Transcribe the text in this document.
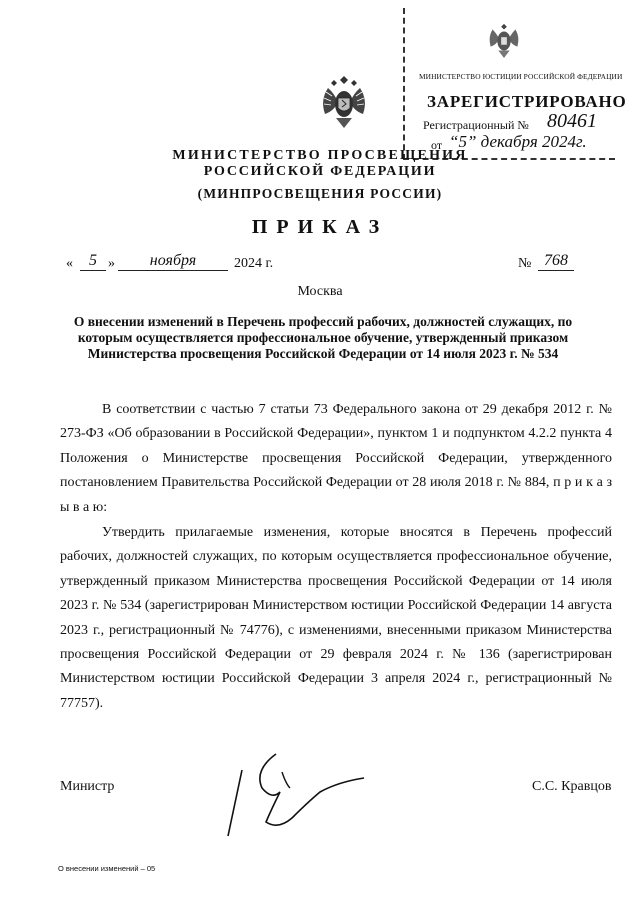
МИНИСТЕРСТВО ЮСТИЦИИ РОССИЙСКОЙ ФЕДЕРАЦИИ
ЗАРЕГИСТРИРОВАНО
Регистрационный № 80461
от “5” декабря 2024г.
МИНИСТЕРСТВО ПРОСВЕЩЕНИЯ
РОССИЙСКОЙ ФЕДЕРАЦИИ
(МИНПРОСВЕЩЕНИЯ РОССИИ)
ПРИКАЗ
«	5 »	ноября	2024 г.	№ 768
Москва
О внесении изменений в Перечень профессий рабочих, должностей служащих, по которым осуществляется профессиональное обучение, утвержденный приказом Министерства просвещения Российской Федерации от 14 июля 2023 г. № 534
В соответствии с частью 7 статьи 73 Федерального закона от 29 декабря 2012 г. № 273-ФЗ «Об образовании в Российской Федерации», пунктом 1 и подпунктом 4.2.2 пункта 4 Положения о Министерстве просвещения Российской Федерации, утвержденного постановлением Правительства Российской Федерации от 28 июля 2018 г. № 884, п р и к а з ы в а ю:
Утвердить прилагаемые изменения, которые вносятся в Перечень профессий рабочих, должностей служащих, по которым осуществляется профессиональное обучение, утвержденный приказом Министерства просвещения Российской Федерации от 14 июля 2023 г. № 534 (зарегистрирован Министерством юстиции Российской Федерации 14 августа 2023 г., регистрационный № 74776), с изменениями, внесенными приказом Министерства просвещения Российской Федерации от 29 февраля 2024 г. № 136 (зарегистрирован Министерством юстиции Российской Федерации 3 апреля 2024 г., регистрационный № 77757).
Министр	С.С. Кравцов
О внесении изменений – 05
